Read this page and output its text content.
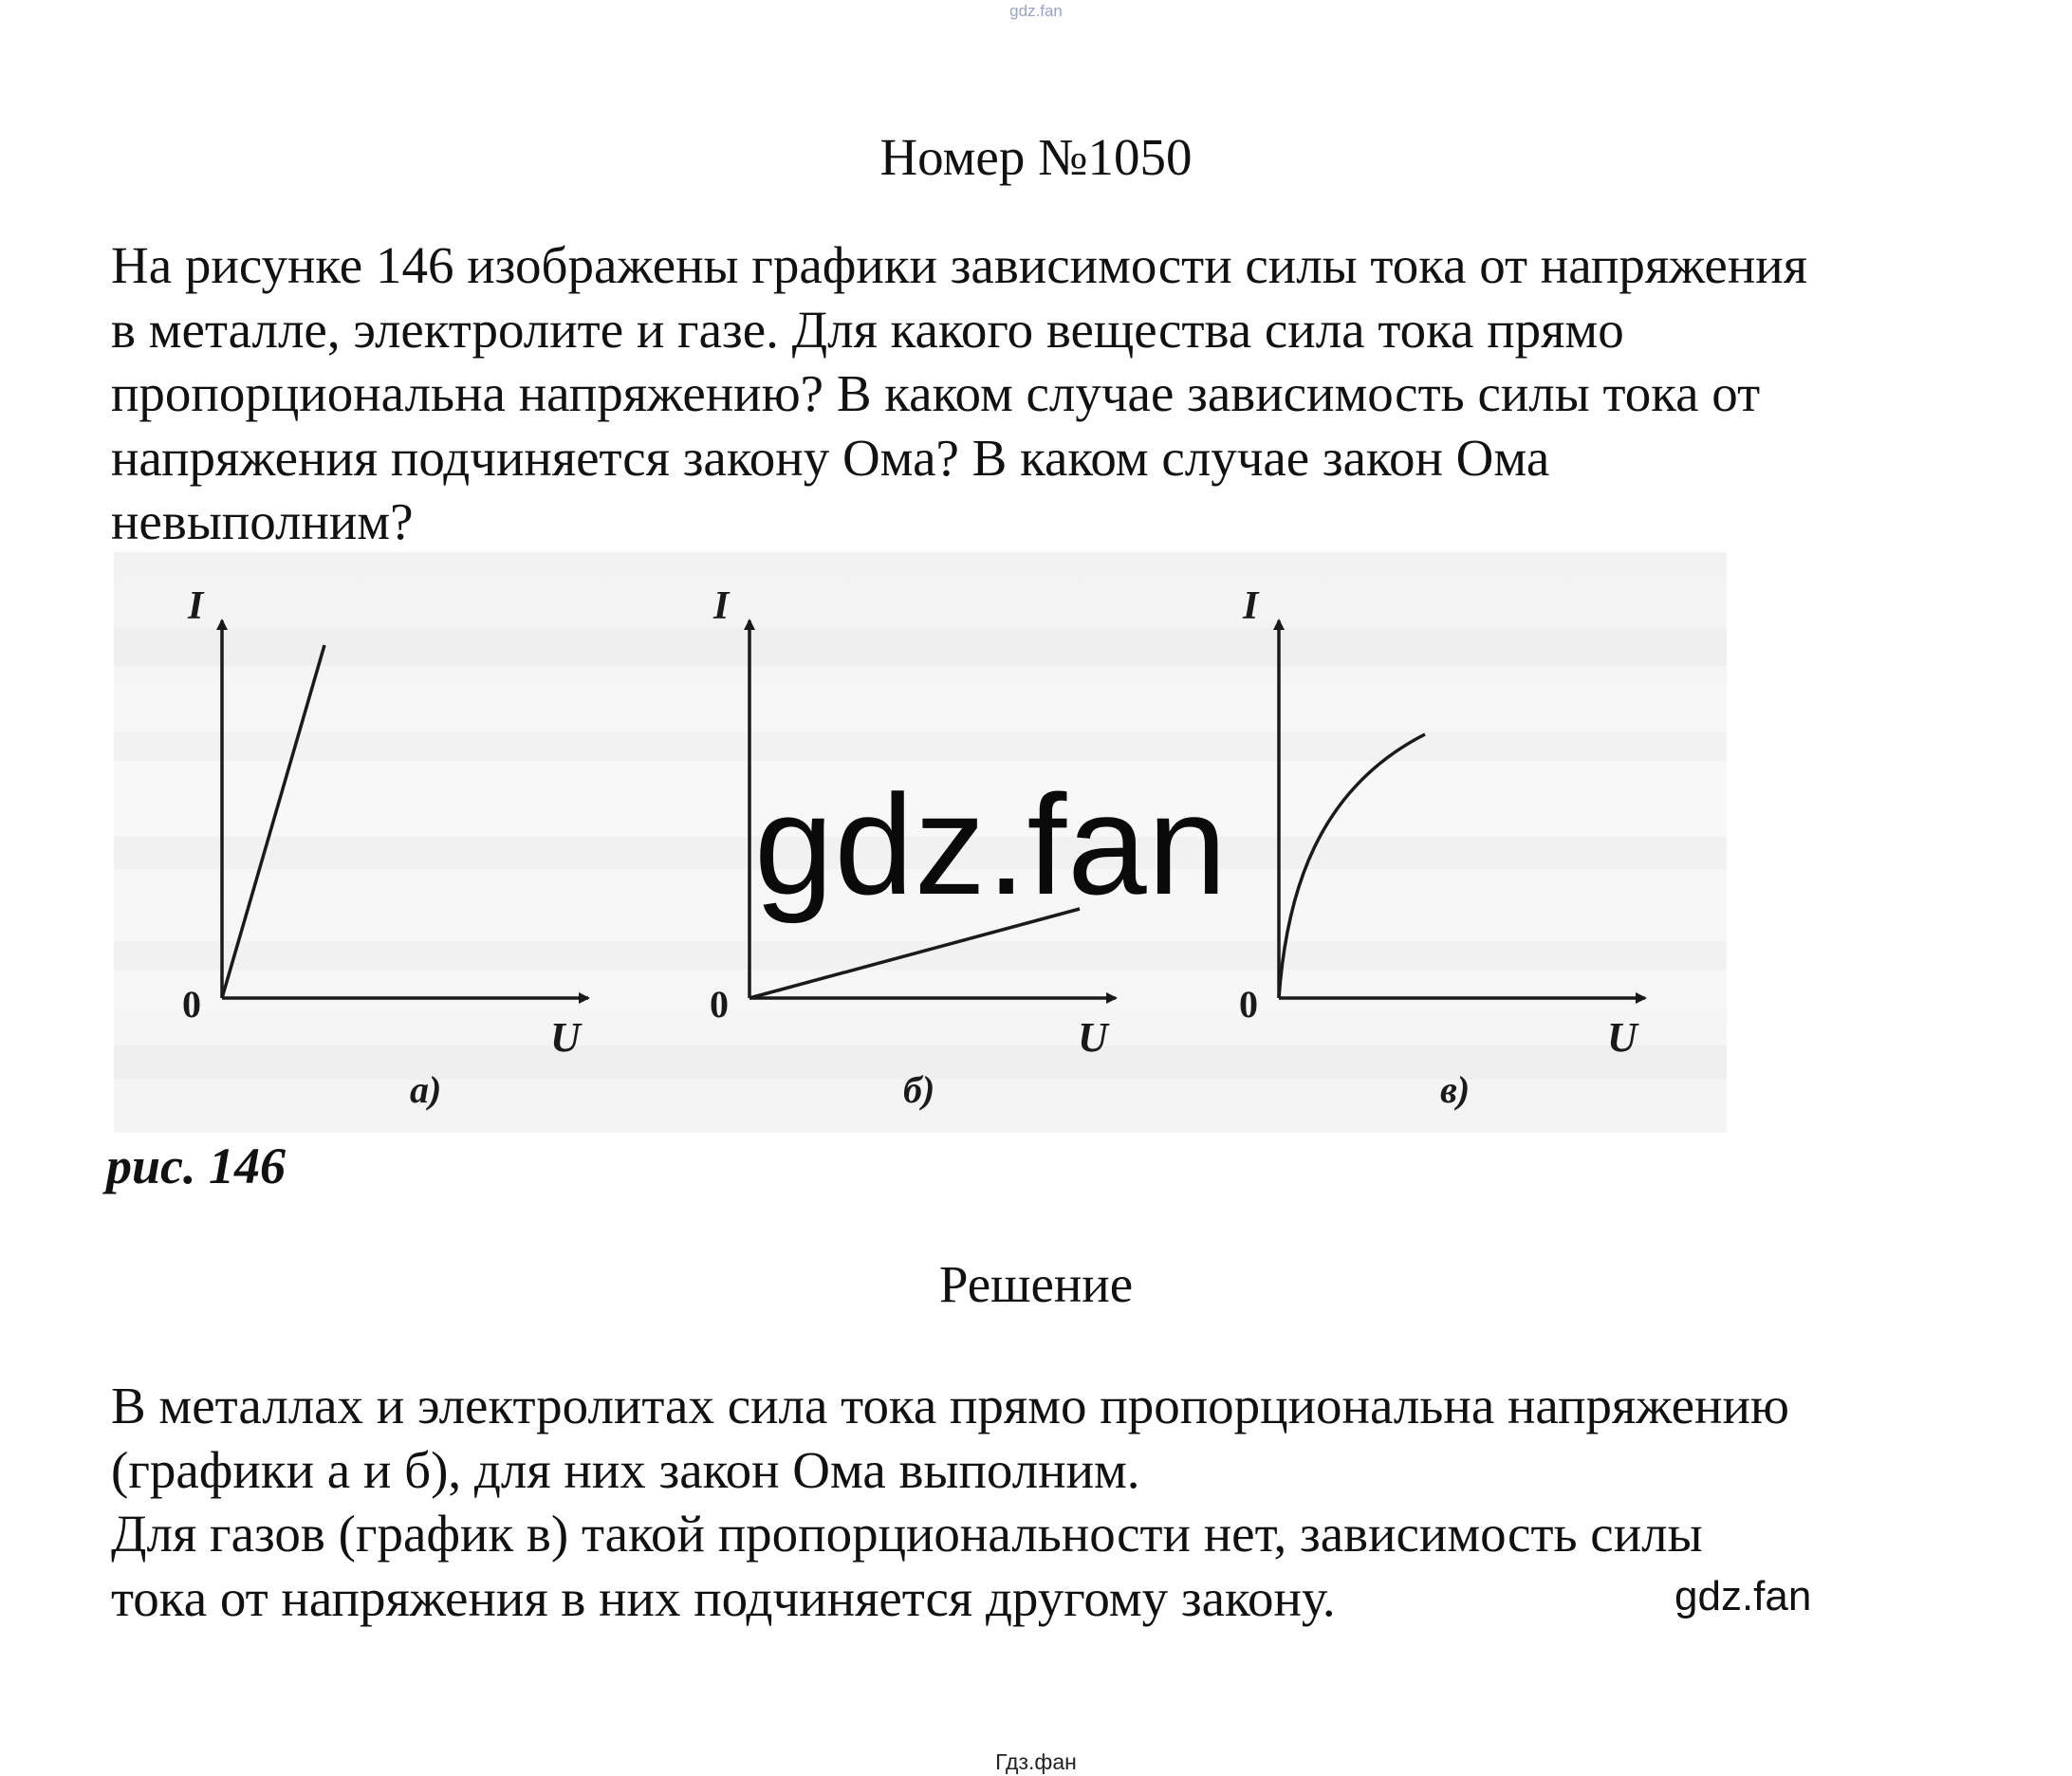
gdz.fan
Номер №1050
На рисунке 146 изображены графики зависимости силы тока от напряжения
в металле, электролите и газе. Для какого вещества сила тока прямо
пропорциональна напряжению? В каком случае зависимость силы тока от
напряжения подчиняется закону Ома? В каком случае закон Ома
невыполним?
I
0
U
а)
I
0
U
б)
I
0
U
в)
gdz.fan
рис. 146
Решение
В металлах и электролитах сила тока прямо пропорциональна напряжению
(графики а и б), для них закон Ома выполним.
Для газов (график в) такой пропорциональности нет, зависимость силы
тока от напряжения в них подчиняется другому закону.	gdz.fan
Гдз.фан
